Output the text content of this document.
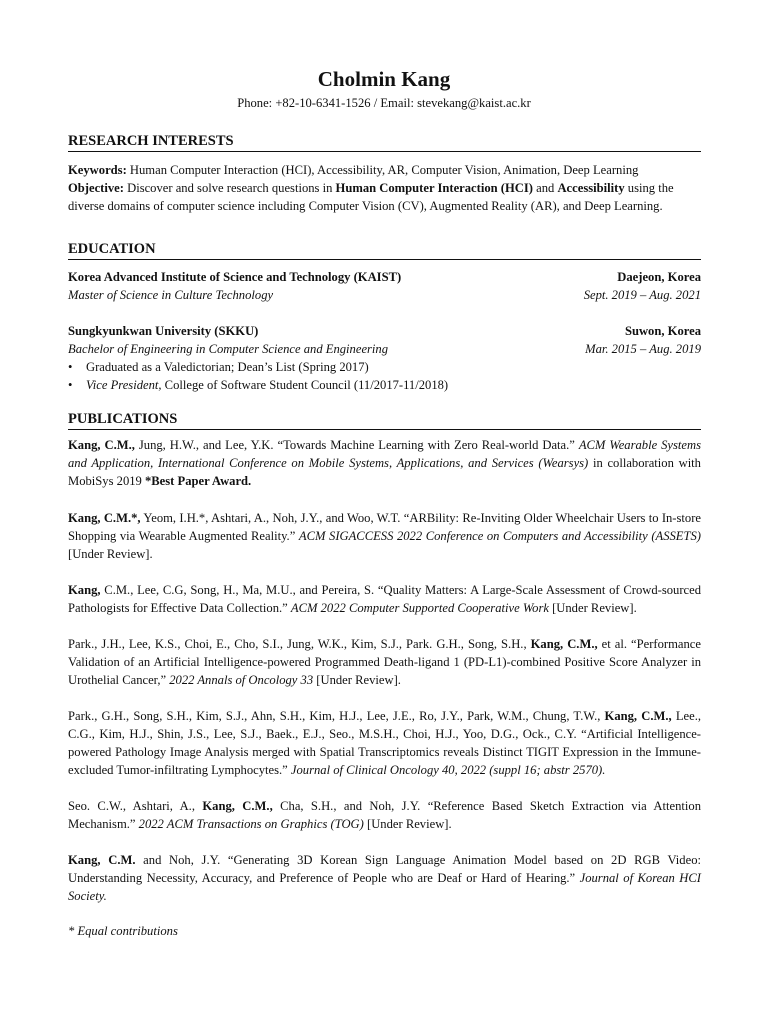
Cholmin Kang
Phone: +82-10-6341-1526 / Email: stevekang@kaist.ac.kr
RESEARCH INTERESTS
Keywords: Human Computer Interaction (HCI), Accessibility, AR, Computer Vision, Animation, Deep Learning
Objective: Discover and solve research questions in Human Computer Interaction (HCI) and Accessibility using the diverse domains of computer science including Computer Vision (CV), Augmented Reality (AR), and Deep Learning.
EDUCATION
Korea Advanced Institute of Science and Technology (KAIST)	Daejeon, Korea
Master of Science in Culture Technology	Sept. 2019 – Aug. 2021
Sungkyunkwan University (SKKU)	Suwon, Korea
Bachelor of Engineering in Computer Science and Engineering	Mar. 2015 – Aug. 2019
• Graduated as a Valedictorian; Dean’s List (Spring 2017)
• Vice President, College of Software Student Council (11/2017-11/2018)
PUBLICATIONS
Kang, C.M., Jung, H.W., and Lee, Y.K. “Towards Machine Learning with Zero Real-world Data.” ACM Wearable Systems and Application, International Conference on Mobile Systems, Applications, and Services (Wearsys) in collaboration with MobiSys 2019 *Best Paper Award.
Kang, C.M.*, Yeom, I.H.*, Ashtari, A., Noh, J.Y., and Woo, W.T. “ARBility: Re-Inviting Older Wheelchair Users to In-store Shopping via Wearable Augmented Reality.” ACM SIGACCESS 2022 Conference on Computers and Accessibility (ASSETS) [Under Review].
Kang, C.M., Lee, C.G, Song, H., Ma, M.U., and Pereira, S. “Quality Matters: A Large-Scale Assessment of Crowd-sourced Pathologists for Effective Data Collection.” ACM 2022 Computer Supported Cooperative Work [Under Review].
Park., J.H., Lee, K.S., Choi, E., Cho, S.I., Jung, W.K., Kim, S.J., Park. G.H., Song, S.H., Kang, C.M., et al. “Performance Validation of an Artificial Intelligence-powered Programmed Death-ligand 1 (PD-L1)-combined Positive Score Analyzer in Urothelial Cancer,” 2022 Annals of Oncology 33 [Under Review].
Park., G.H., Song, S.H., Kim, S.J., Ahn, S.H., Kim, H.J., Lee, J.E., Ro, J.Y., Park, W.M., Chung, T.W., Kang, C.M., Lee., C.G., Kim, H.J., Shin, J.S., Lee, S.J., Baek., E.J., Seo., M.S.H., Choi, H.J., Yoo, D.G., Ock., C.Y. “Artificial Intelligence-powered Pathology Image Analysis merged with Spatial Transcriptomics reveals Distinct TIGIT Expression in the Immune-excluded Tumor-infiltrating Lymphocytes.” Journal of Clinical Oncology 40, 2022 (suppl 16; abstr 2570).
Seo. C.W., Ashtari, A., Kang, C.M., Cha, S.H., and Noh, J.Y. “Reference Based Sketch Extraction via Attention Mechanism.” 2022 ACM Transactions on Graphics (TOG) [Under Review].
Kang, C.M. and Noh, J.Y. “Generating 3D Korean Sign Language Animation Model based on 2D RGB Video: Understanding Necessity, Accuracy, and Preference of People who are Deaf or Hard of Hearing.” Journal of Korean HCI Society.
* Equal contributions
